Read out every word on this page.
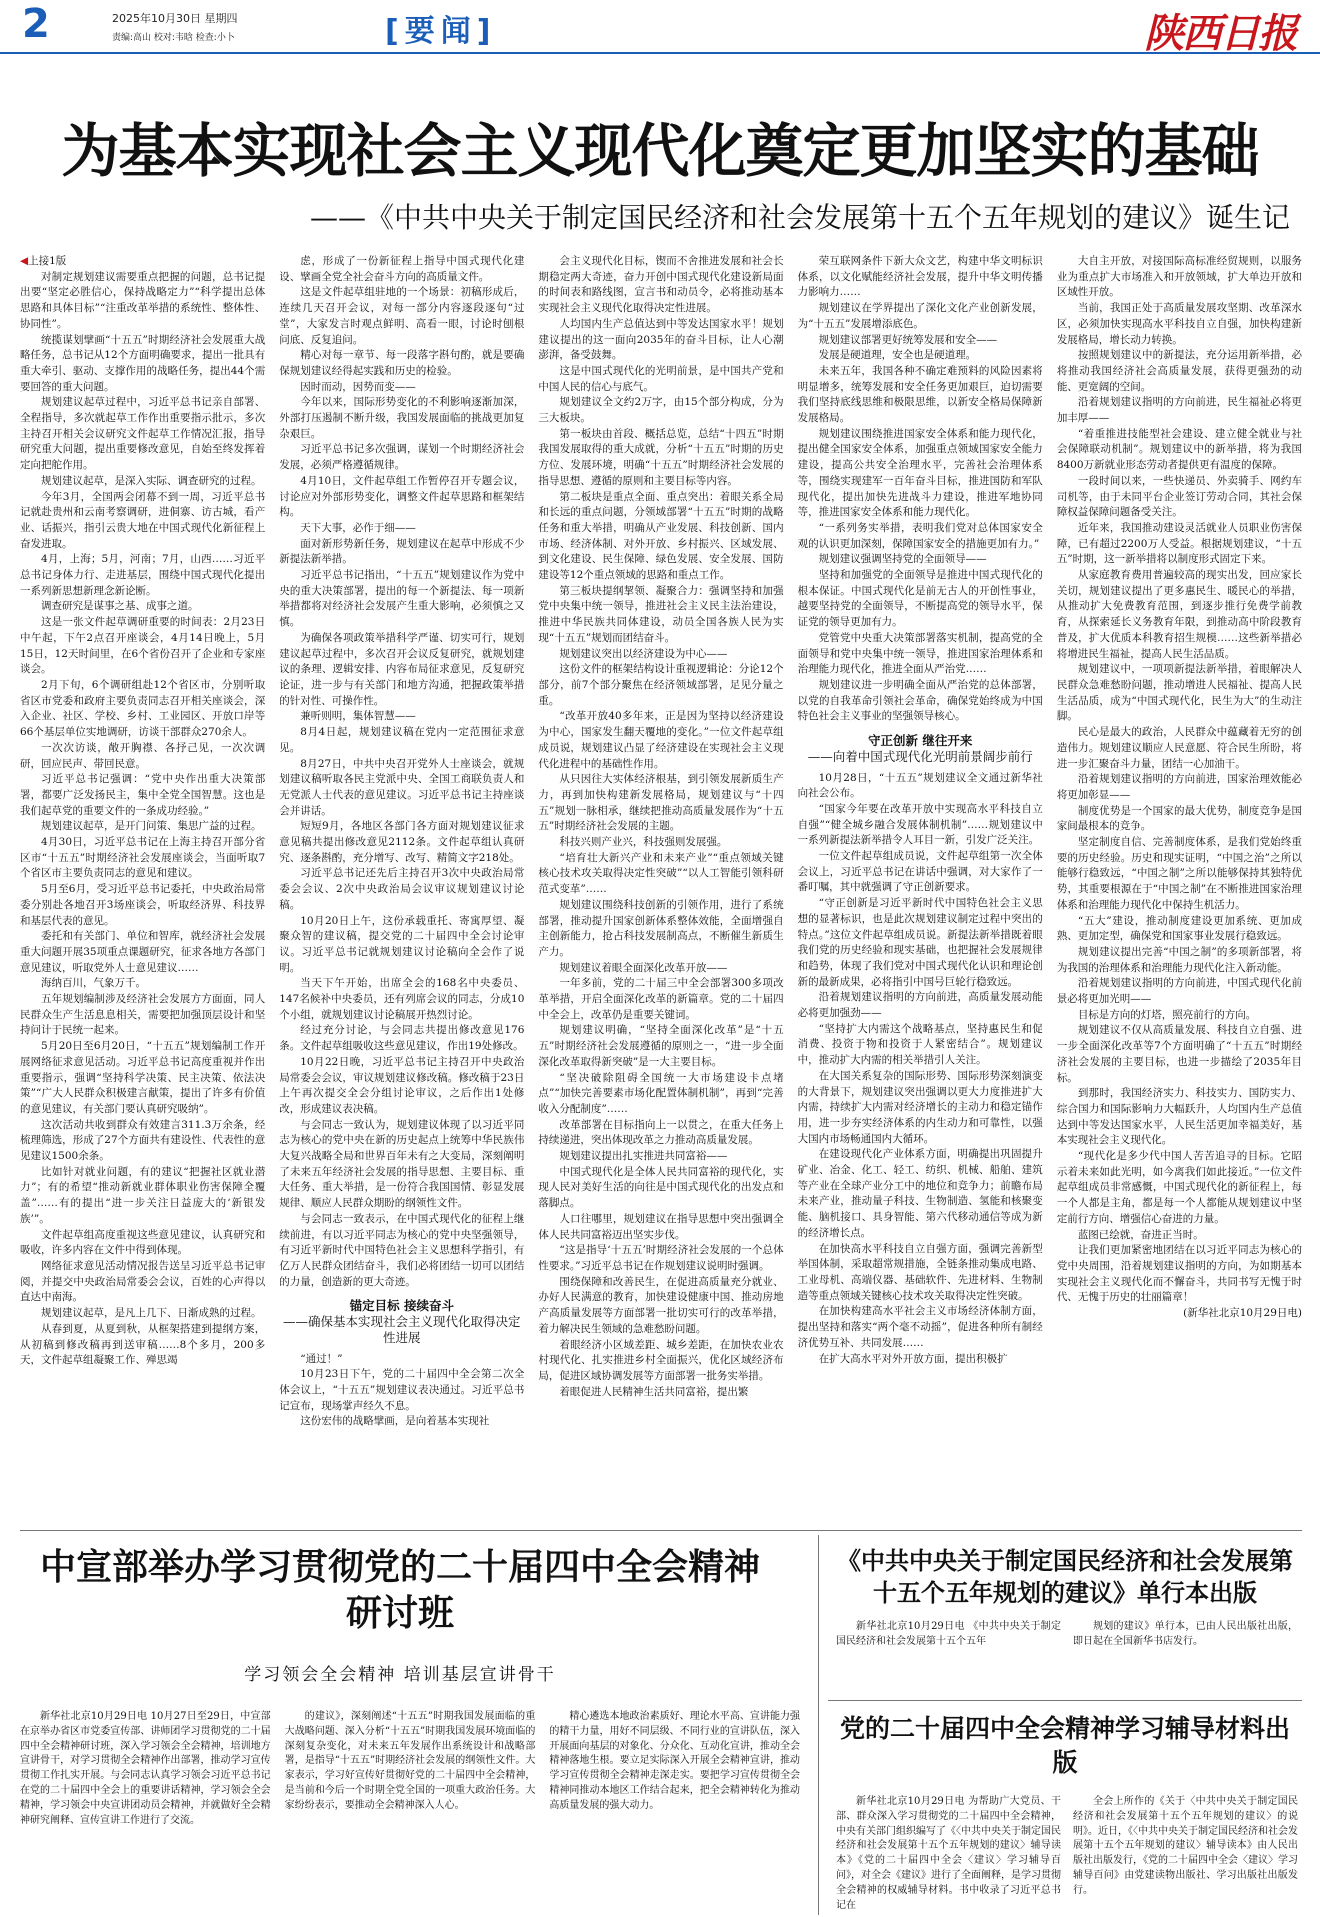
2	2025年10月30日 星期四
责编:高山 校对:韦晗 检查:小卜	[要闻]	陕西日报
为基本实现社会主义现代化奠定更加坚实的基础
——《中共中央关于制定国民经济和社会发展第十五个五年规划的建议》诞生记

◀上接1版

对制定规划建议需要重点把握的问题，总书记提出要“坚定必胜信心，保持战略定力”“科学提出总体思路和具体目标”“注重改革举措的系统性、整体性、协同性”。

统揽谋划擘画“十五五”时期经济社会发展重大战略任务，总书记从12个方面明确要求，提出一批具有重大牵引、驱动、支撑作用的战略任务，提出44个需要回答的重大问题。

规划建议起草过程中，习近平总书记亲自部署、全程指导，多次就起草工作作出重要指示批示，多次主持召开相关会议研究文件起草工作情况汇报，指导研究重大问题，提出重要修改意见，自始至终发挥着定向把舵作用。

规划建议起草，是深入实际、调查研究的过程。

今年3月，全国两会闭幕不到一周，习近平总书记就赴贵州和云南考察调研，进侗寨、访古城，看产业、话振兴，指引云贵大地在中国式现代化新征程上奋发进取。

4月，上海；5月，河南；7月，山西……习近平总书记身体力行、走进基层，围绕中国式现代化提出一系列新思想新理念新论断。

调查研究是谋事之基、成事之道。

这是一张文件起草调研重要的时间表：2月23日中午起，下午2点召开座谈会，4月14日晚上，5月15日，12天时间里，在6个省份召开了企业和专家座谈会。

2月下旬，6个调研组赴12个省区市，分别听取省区市党委和政府主要负责同志召开相关座谈会，深入企业、社区、学校、乡村、工业园区、开放口岸等66个基层单位实地调研，访谈干部群众270余人。

一次次访谈，敞开胸襟、各抒己见，一次次调研，回应民声、带回民意。

习近平总书记强调：“党中央作出重大决策部署，都要广泛发扬民主，集中全党全国智慧。这也是我们起草党的重要文件的一条成功经验。”

规划建议起草，是开门问策、集思广益的过程。

4月30日，习近平总书记在上海主持召开部分省区市“十五五”时期经济社会发展座谈会，当面听取7个省区市主要负责同志的意见和建议。

5月至6月，受习近平总书记委托，中央政治局常委分别赴各地召开3场座谈会，听取经济界、科技界和基层代表的意见。

委托和有关部门、单位和智库，就经济社会发展重大问题开展35项重点课题研究，征求各地方各部门意见建议，听取党外人士意见建议……

海纳百川，气象万千。

五年规划编制涉及经济社会发展方方面面，同人民群众生产生活息息相关，需要把加强顶层设计和坚持问计于民统一起来。

5月20日至6月20日，“十五五”规划编制工作开展网络征求意见活动。习近平总书记高度重视并作出重要指示，强调“坚持科学决策、民主决策、依法决策”“广大人民群众积极建言献策，提出了许多有价值的意见建议，有关部门要认真研究吸纳”。

这次活动共收到群众有效建言311.3万余条，经梳理筛选，形成了27个方面共有建设性、代表性的意见建议1500余条。

比如针对就业问题，有的建议“把握社区就业潜力”；有的希望“推动新就业群体职业伤害保障全覆盖”……有的提出“进一步关注日益庞大的‘新银发族’”。

文件起草组高度重视这些意见建议，认真研究和吸收，许多内容在文件中得到体现。

网络征求意见活动情况报告送呈习近平总书记审阅，并提交中央政治局常委会会议，百姓的心声得以直达中南海。

规划建议起草，是凡上几下、日渐成熟的过程。

从春到夏，从夏到秋，从框架搭建到提纲方案，从初稿到修改稿再到送审稿……8个多月，200多天，文件起草组凝聚工作、殚思竭

虑，形成了一份新征程上指导中国式现代化建设、擘画全党全社会奋斗方向的高质量文件。

这是文件起草组驻地的一个场景：初稿形成后，连续几天召开会议，对每一部分内容逐段逐句“过堂”，大家发言时观点鲜明、高看一眼，讨论时刨根问底、反复追问。

精心对每一章节、每一段落字斟句酌，就是要确保规划建议经得起实践和历史的检验。

因时而动，因势而变——

今年以来，国际形势变化的不利影响逐渐加深，外部打压遏制不断升级，我国发展面临的挑战更加复杂艰巨。

习近平总书记多次强调，谋划一个时期经济社会发展，必须严格遵循规律。

4月10日，文件起草组工作暂停召开专题会议，讨论应对外部形势变化，调整文件起草思路和框架结构。

天下大事，必作于细——

面对新形势新任务，规划建议在起草中形成不少新提法新举措。

习近平总书记指出，“十五五”规划建议作为党中央的重大决策部署，提出的每一个新提法、每一项新举措都将对经济社会发展产生重大影响，必须慎之又慎。

为确保各项政策举措科学严谨、切实可行，规划建议起草过程中，多次召开会议反复研究，就规划建议的条理、逻辑安排、内容布局征求意见，反复研究论证，进一步与有关部门和地方沟通，把握政策举措的针对性、可操作性。

兼听则明，集体智慧——

8月4日起，规划建议稿在党内一定范围征求意见。

8月27日，中共中央召开党外人士座谈会，就规划建议稿听取各民主党派中央、全国工商联负责人和无党派人士代表的意见建议。习近平总书记主持座谈会并讲话。

短短9月，各地区各部门各方面对规划建议征求意见稿共提出修改意见2112条。文件起草组认真研究、逐条斟酌，充分增写、改写、精简文字218处。

习近平总书记还先后主持召开3次中央政治局常委会会议、2次中央政治局会议审议规划建议讨论稿。

10月20日上午，这份承载重托、寄寓厚望、凝聚众智的建议稿，提交党的二十届四中全会讨论审议。习近平总书记就规划建议讨论稿向全会作了说明。

当天下午开始，出席全会的168名中央委员、147名候补中央委员，还有列席会议的同志，分成10个小组，就规划建议讨论稿展开热烈讨论。

经过充分讨论，与会同志共提出修改意见176条。文件起草组吸收这些意见建议，作出19处修改。

10月22日晚，习近平总书记主持召开中央政治局常委会会议，审议规划建议修改稿。修改稿于23日上午再次提交全会分组讨论审议，之后作出1处修改，形成建议表决稿。

与会同志一致认为，规划建议体现了以习近平同志为核心的党中央在新的历史起点上统筹中华民族伟大复兴战略全局和世界百年未有之大变局，深刻阐明了未来五年经济社会发展的指导思想、主要目标、重大任务、重大举措，是一份符合我国国情、彰显发展规律、顺应人民群众期盼的纲领性文件。

与会同志一致表示，在中国式现代化的征程上继续前进，有以习近平同志为核心的党中央坚强领导，有习近平新时代中国特色社会主义思想科学指引，有亿万人民群众团结奋斗，我们必将团结一切可以团结的力量，创造新的更大奇迹。

锚定目标 接续奋斗
——确保基本实现社会主义现代化取得决定性进展

“通过！”

10月23日下午，党的二十届四中全会第二次全体会议上，“十五五”规划建议表决通过。习近平总书记宣布，现场掌声经久不息。

这份宏伟的战略擘画，是向着基本实现社

会主义现代化目标，锲而不舍推进发展和社会长期稳定两大奇迹，奋力开创中国式现代化建设新局面的时间表和路线图，宣言书和动员令，必将推动基本实现社会主义现代化取得决定性进展。

人均国内生产总值达到中等发达国家水平！规划建议提出的这一面向2035年的奋斗目标，让人心潮澎湃，备受鼓舞。

这是中国式现代化的光明前景，是中国共产党和中国人民的信心与底气。

规划建议全文约2万字，由15个部分构成，分为三大板块。

第一板块由首段、概括总览，总结“十四五”时期我国发展取得的重大成就，分析“十五五”时期的历史方位、发展环境，明确“十五五”时期经济社会发展的指导思想、遵循的原则和主要目标等内容。

第二板块是重点全面、重点突出：着眼关系全局和长远的重点问题，分领域部署“十五五”时期的战略任务和重大举措，明确从产业发展、科技创新、国内市场、经济体制、对外开放、乡村振兴、区域发展、到文化建设、民生保障、绿色发展、安全发展、国防建设等12个重点领域的思路和重点工作。

第三板块提纲挈领、凝聚合力：强调坚持和加强党中央集中统一领导，推进社会主义民主法治建设，推进中华民族共同体建设，动员全国各族人民为实现“十五五”规划而团结奋斗。

规划建议突出以经济建设为中心——

这份文件的框架结构设计重视逻辑论：分论12个部分，前7个部分聚焦在经济领域部署，足见分量之重。

“改革开放40多年来，正是因为坚持以经济建设为中心，国家发生翻天覆地的变化。”一位文件起草组成员说，规划建议凸显了经济建设在实现社会主义现代化进程中的基础性作用。

从只因往大实体经济根基，到引领发展新质生产力，再到加快构建新发展格局，规划建议与“十四五”规划一脉相承，继续把推动高质量发展作为“十五五”时期经济社会发展的主题。

科技兴则产业兴，科技强则发展强。

“培育壮大新兴产业和未来产业”“重点领域关键核心技术攻关取得决定性突破”“以人工智能引领科研范式变革”……

规划建议围绕科技创新的引领作用，进行了系统部署，推动提升国家创新体系整体效能，全面增强自主创新能力，抢占科技发展制高点，不断催生新质生产力。

规划建议着眼全面深化改革开放——

一年多前，党的二十届三中全会部署300多项改革举措，开启全面深化改革的新篇章。党的二十届四中全会上，改革仍是重要关键词。

规划建议明确，“坚持全面深化改革”是“十五五”时期经济社会发展遵循的原则之一，“进一步全面深化改革取得新突破”是一大主要目标。

“坚决破除阻碍全国统一大市场建设卡点堵点”“加快完善要素市场化配置体制机制”，再到“完善收入分配制度”……

改革部署在目标指向上一以贯之，在重大任务上持续递进，突出体现改革之力推动高质量发展。

规划建议提出扎实推进共同富裕——

中国式现代化是全体人民共同富裕的现代化，实现人民对美好生活的向往是中国式现代化的出发点和落脚点。

人口往哪里，规划建议在指导思想中突出强调全体人民共同富裕迈出坚实步伐。

“这是指导‘十五五’时期经济社会发展的一个总体性要求。”习近平总书记在作规划建议说明时强调。

围绕保障和改善民生，在促进高质量充分就业、办好人民满意的教育，加快建设健康中国、推动房地产高质量发展等方面部署一批切实可行的改革举措，着力解决民生领域的急难愁盼问题。

着眼经济小区域差距、城乡差距，在加快农业农村现代化、扎实推进乡村全面振兴，优化区域经济布局，促进区域协调发展等方面部署一批务实举措。

着眼促进人民精神生活共同富裕，提出繁

荣互联网条件下新大众文艺，构建中华文明标识体系，以文化赋能经济社会发展，提升中华文明传播力影响力……

规划建议在学界提出了深化文化产业创新发展，为“十五五”发展增添底色。

规划建议部署更好统筹发展和安全——

发展是硬道理，安全也是硬道理。

未来五年，我国各种不确定难预料的风险因素将明显增多，统筹发展和安全任务更加艰巨，迫切需要我们坚持底线思维和极限思维，以新安全格局保障新发展格局。

规划建议围绕推进国家安全体系和能力现代化，提出健全国家安全体系，加强重点领域国家安全能力建设，提高公共安全治理水平，完善社会治理体系等，围绕实现建军一百年奋斗目标，推进国防和军队现代化，提出加快先进战斗力建设，推进军地协同等，推进国家安全体系和能力现代化。

“一系列务实举措，表明我们党对总体国家安全观的认识更加深刻，保障国家安全的措施更加有力。”

规划建议强调坚持党的全面领导——

坚持和加强党的全面领导是推进中国式现代化的根本保证。中国式现代化是前无古人的开创性事业，越要坚持党的全面领导，不断提高党的领导水平，保证党的领导更加有力。

党管党中央重大决策部署落实机制，提高党的全面领导和党中央集中统一领导，推进国家治理体系和治理能力现代化，推进全面从严治党……

规划建议进一步明确全面从严治党的总体部署，以党的自我革命引领社会革命，确保党始终成为中国特色社会主义事业的坚强领导核心。

守正创新 继往开来
——向着中国式现代化光明前景阔步前行

10月28日，“十五五”规划建议全文通过新华社向社会公布。

“国家今年要在改革开放中实现高水平科技自立自强”“健全城乡融合发展体制机制”……规划建议中一系列新提法新举措令人耳目一新，引发广泛关注。

一位文件起草组成员说，文件起草组第一次全体会议上，习近平总书记在讲话中强调，对大家作了一番叮嘱，其中就强调了守正创新要求。

“守正创新是习近平新时代中国特色社会主义思想的显著标识，也是此次规划建议制定过程中突出的特点。”这位文件起草组成员说。新提法新举措既着眼我们党的历史经验和现实基础，也把握社会发展规律和趋势，体现了我们党对中国式现代化认识和理论创新的最新成果，必将指引中国号巨轮行稳致远。

沿着规划建议指明的方向前进，高质量发展动能必将更加强劲——

“坚持扩大内需这个战略基点，坚持惠民生和促消费、投资于物和投资于人紧密结合”。规划建议中，推动扩大内需的相关举措引人关注。

在大国关系复杂的国际形势、国际形势深刻演变的大背景下，规划建议突出强调以更大力度推进扩大内需，持续扩大内需对经济增长的主动力和稳定锚作用，进一步夯实经济体系的内生动力和可靠性，以强大国内市场畅通国内大循环。

在建设现代化产业体系方面，明确提出巩固提升矿业、冶金、化工、轻工、纺织、机械、船舶、建筑等产业在全球产业分工中的地位和竞争力；前瞻布局未来产业，推动量子科技、生物制造、氢能和核聚变能、脑机接口、具身智能、第六代移动通信等成为新的经济增长点。

在加快高水平科技自立自强方面，强调完善新型举国体制，采取超常规措施，全链条推动集成电路、工业母机、高端仪器、基础软件、先进材料、生物制造等重点领域关键核心技术攻关取得决定性突破。

在加快构建高水平社会主义市场经济体制方面，提出坚持和落实“两个毫不动摇”，促进各种所有制经济优势互补、共同发展……

在扩大高水平对外开放方面，提出积极扩

大自主开放，对接国际高标准经贸规则，以服务业为重点扩大市场准入和开放领域，扩大单边开放和区域性开放。

当前，我国正处于高质量发展攻坚期、改革深水区，必须加快实现高水平科技自立自强，加快构建新发展格局，增长动力转换。

按照规划建议中的新提法，充分运用新举措，必将推动我国经济社会高质量发展，获得更强劲的动能、更宽阔的空间。

沿着规划建议指明的方向前进，民生福祉必将更加丰厚——

“着重推进技能型社会建设、建立健全就业与社会保障联动机制”。规划建议中的新举措，将为我国8400万新就业形态劳动者提供更有温度的保障。

一段时间以来，一些快递员、外卖骑手、网约车司机等，由于未同平台企业签订劳动合同，其社会保障权益保障问题备受关注。

近年来，我国推动建设灵活就业人员职业伤害保障，已有超过2200万人受益。根据规划建议，“十五五”时期，这一新举措将以制度形式固定下来。

从家庭教育费用普遍较高的现实出发，回应家长关切，规划建议提出了更多惠民生、暖民心的举措，从推动扩大免费教育范围，到逐步推行免费学前教育，从探索延长义务教育年限，到推动高中阶段教育普及，扩大优质本科教育招生规模……这些新举措必将增进民生福祉，提高人民生活品质。

规划建议中，一项项新提法新举措，着眼解决人民群众急难愁盼问题，推动增进人民福祉、提高人民生活品质，成为“中国式现代化，民生为大”的生动注脚。

民心是最大的政治，人民群众中蕴藏着无穷的创造伟力。规划建议顺应人民意愿、符合民生所盼，将进一步汇聚奋斗力量，团结一心加油干。

沿着规划建议指明的方向前进，国家治理效能必将更加彰显——

制度优势是一个国家的最大优势，制度竞争是国家间最根本的竞争。

坚定制度自信、完善制度体系，是我们党始终重要的历史经验。历史和现实证明，“中国之治”之所以能够行稳致远，“中国之制”之所以能够保持其独特优势，其重要根源在于“中国之制”在不断推进国家治理体系和治理能力现代化中保持生机活力。

“五大”建设，推动制度建设更加系统、更加成熟、更加定型，确保党和国家事业发展行稳致远。

规划建议提出完善“中国之制”的多项新部署，将为我国的治理体系和治理能力现代化注入新动能。

沿着规划建议指明的方向前进，中国式现代化前景必将更加光明——

目标是方向的灯塔，照亮前行的方向。

规划建议不仅从高质量发展、科技自立自强、进一步全面深化改革等7个方面明确了“十五五”时期经济社会发展的主要目标，也进一步描绘了2035年目标。

到那时，我国经济实力、科技实力、国防实力、综合国力和国际影响力大幅跃升，人均国内生产总值达到中等发达国家水平，人民生活更加幸福美好，基本实现社会主义现代化。

“现代化是多少代中国人苦苦追寻的目标。它昭示着未来如此光明，如今离我们如此接近。”一位文件起草组成员非常感慨，中国式现代化的新征程上，每一个人都是主角，都是每一个人都能从规划建议中坚定前行方向、增强信心奋进的力量。

蓝图已绘就，奋进正当时。

让我们更加紧密地团结在以习近平同志为核心的党中央周围，沿着规划建议指明的方向，为如期基本实现社会主义现代化而不懈奋斗，共同书写无愧于时代、无愧于历史的壮丽篇章！

(新华社北京10月29日电)

中宣部举办学习贯彻党的二十届四中全会精神研讨班
学习领会全会精神 培训基层宣讲骨干

新华社北京10月29日电 10月27日至29日，中宣部在京举办省区市党委宣传部、讲师团学习贯彻党的二十届四中全会精神研讨班，深入学习领会全会精神，培训地方宣讲骨干，对学习贯彻全会精神作出部署，推动学习宣传贯彻工作扎实开展。与会同志认真学习领会习近平总书记在党的二十届四中全会上的重要讲话精神，学习领会全会精神，学习领会中央宣讲团动员会精神，并就做好全会精神研究阐释、宣传宣讲工作进行了交流。

的建议》，深刻阐述“十五五”时期我国发展面临的重大战略问题、深入分析“十五五”时期我国发展环境面临的深刻复杂变化，对未来五年发展作出系统设计和战略部署，是指导“十五五”时期经济社会发展的纲领性文件。大家表示，学习好宣传好贯彻好党的二十届四中全会精神，是当前和今后一个时期全党全国的一项重大政治任务。大家纷纷表示，要推动全会精神深入人心。

精心遴选本地政治素质好、理论水平高、宣讲能力强的精干力量，用好不同层级、不同行业的宣讲队伍，深入开展面向基层的对象化、分众化、互动化宣讲，推动全会精神落地生根。要立足实际深入开展全会精神宣讲，推动学习宣传贯彻全会精神走深走实。要把学习宣传贯彻全会精神同推动本地区工作结合起来，把全会精神转化为推动高质量发展的强大动力。

《中共中央关于制定国民经济和社会发展第十五个五年规划的建议》单行本出版

新华社北京10月29日电 《中共中央关于制定国民经济和社会发展第十五个五年

规划的建议》单行本，已由人民出版社出版，即日起在全国新华书店发行。

党的二十届四中全会精神学习辅导材料出版

新华社北京10月29日电 为帮助广大党员、干部、群众深入学习贯彻党的二十届四中全会精神，中央有关部门组织编写了《〈中共中央关于制定国民经济和社会发展第十五个五年规划的建议〉辅导读本》《党的二十届四中全会〈建议〉学习辅导百问》，对全会《建议》进行了全面阐释，是学习贯彻全会精神的权威辅导材料。书中收录了习近平总书记在

全会上所作的《关于〈中共中央关于制定国民经济和社会发展第十五个五年规划的建议〉的说明》。近日，《〈中共中央关于制定国民经济和社会发展第十五个五年规划的建议〉辅导读本》由人民出版社出版发行，《党的二十届四中全会〈建议〉学习辅导百问》由党建读物出版社、学习出版社出版发行。
